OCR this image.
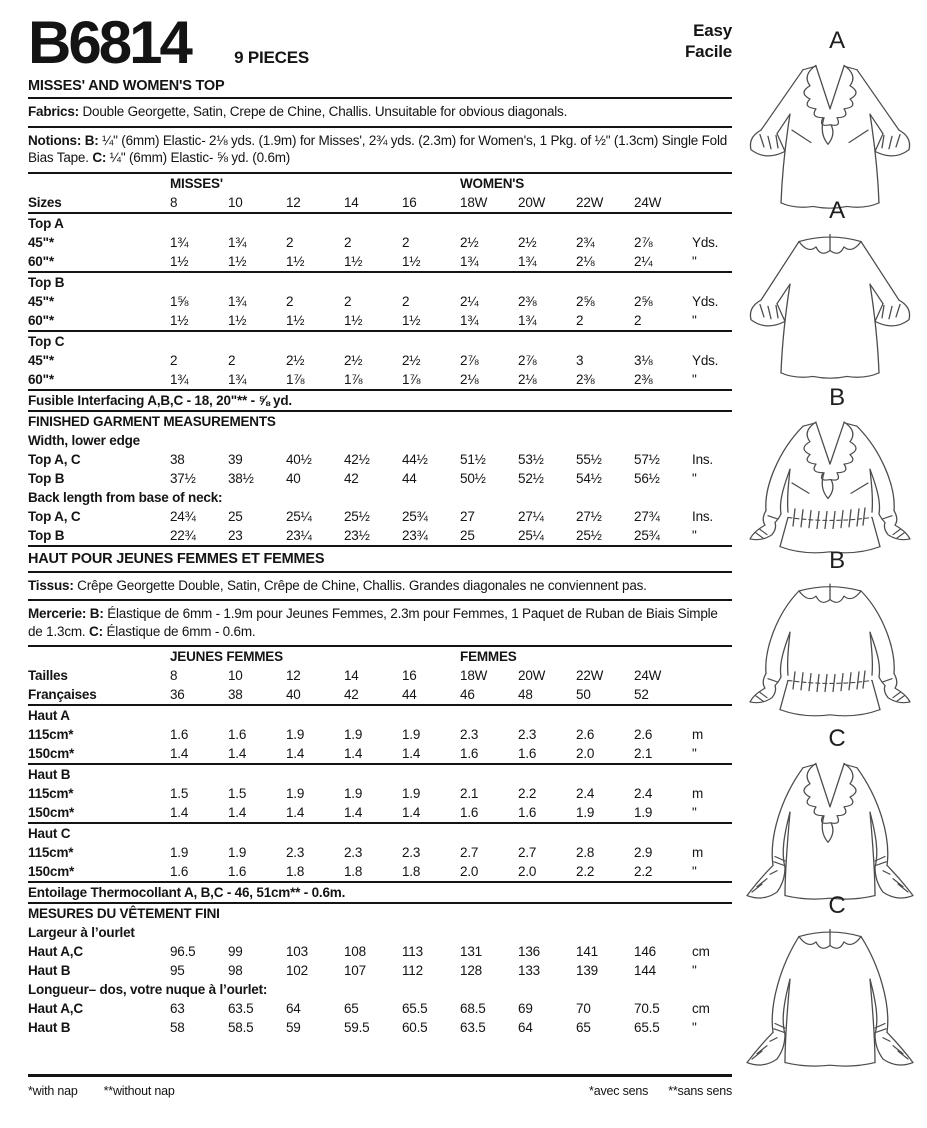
B6814	9 PIECES
Easy
Facile
MISSES' AND WOMEN'S TOP

Fabrics: Double Georgette, Satin, Crepe de Chine, Challis. Unsuitable for obvious diagonals.

Notions: B: ¼" (6mm) Elastic- 2⅛ yds. (1.9m) for Misses', 2¾ yds. (2.3m) for Women's, 1 Pkg. of ½" (1.3cm) Single Fold Bias Tape. C: ¼" (6mm) Elastic- ⅝ yd. (0.6m)

	MISSES'					WOMEN'S				
Sizes	8	10	12	14	16	18W	20W	22W	24W	
Top A										
45"*	1¾	1¾	2	2	2	2½	2½	2¾	2⅞	Yds.
60"*	1½	1½	1½	1½	1½	1¾	1¾	2⅛	2¼	"
Top B										
45"*	1⅝	1¾	2	2	2	2¼	2⅜	2⅝	2⅝	Yds.
60"*	1½	1½	1½	1½	1½	1¾	1¾	2	2	"
Top C										
45"*	2	2	2½	2½	2½	2⅞	2⅞	3	3⅛	Yds.
60"*	1¾	1¾	1⅞	1⅞	1⅞	2⅛	2⅛	2⅜	2⅜	"
Fusible Interfacing A,B,C - 18, 20"** - ⅝ yd.										
FINISHED GARMENT MEASUREMENTS										
Width, lower edge										
Top A, C	38	39	40½	42½	44½	51½	53½	55½	57½	Ins.
Top B	37½	38½	40	42	44	50½	52½	54½	56½	"
Back length from base of neck:										
Top A, C	24¾	25	25¼	25½	25¾	27	27¼	27½	27¾	Ins.
Top B	22¾	23	23¼	23½	23¾	25	25¼	25½	25¾	"
HAUT POUR JEUNES FEMMES ET FEMMES

Tissus: Crêpe Georgette Double, Satin, Crêpe de Chine, Challis. Grandes diagonales ne conviennent pas.

Mercerie: B: Élastique de 6mm - 1.9m pour Jeunes Femmes, 2.3m pour Femmes, 1 Paquet de Ruban de Biais Simple de 1.3cm. C: Élastique de 6mm - 0.6m.

	JEUNES FEMMES					FEMMES				
Tailles	8	10	12	14	16	18W	20W	22W	24W	
Françaises	36	38	40	42	44	46	48	50	52	
Haut A										
115cm*	1.6	1.6	1.9	1.9	1.9	2.3	2.3	2.6	2.6	m
150cm*	1.4	1.4	1.4	1.4	1.4	1.6	1.6	2.0	2.1	"
Haut B										
115cm*	1.5	1.5	1.9	1.9	1.9	2.1	2.2	2.4	2.4	m
150cm*	1.4	1.4	1.4	1.4	1.4	1.6	1.6	1.9	1.9	"
Haut C										
115cm*	1.9	1.9	2.3	2.3	2.3	2.7	2.7	2.8	2.9	m
150cm*	1.6	1.6	1.8	1.8	1.8	2.0	2.0	2.2	2.2	"
Entoilage Thermocollant A, B,C - 46, 51cm** - 0.6m.										
MESURES DU VÊTEMENT FINI										
Largeur à l’ourlet										
Haut A,C	96.5	99	103	108	113	131	136	141	146	cm
Haut B	95	98	102	107	112	128	133	139	144	"
Longueur– dos, votre nuque à l’ourlet:										
Haut A,C	63	63.5	64	65	65.5	68.5	69	70	70.5	cm
Haut B	58	58.5	59	59.5	60.5	63.5	64	65	65.5	"
*with nap **without nap	*avec sens **sans sens
A
A
B
B
C
C
